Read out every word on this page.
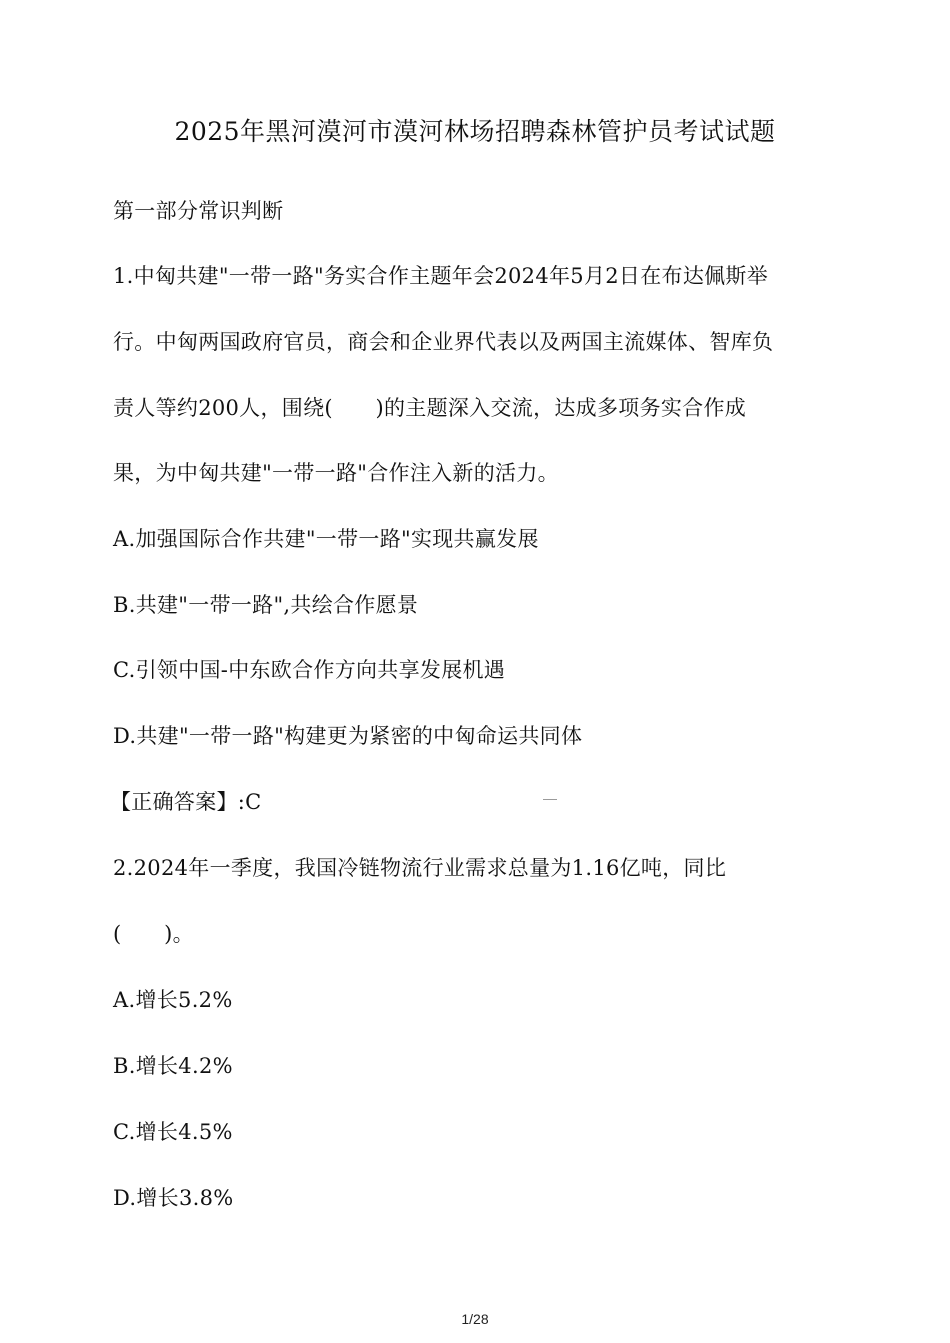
2025年黑河漠河市漠河林场招聘森林管护员考试试题
第一部分常识判断
1.中匈共建"一带一路"务实合作主题年会2024年5月2日在布达佩斯举
行。中匈两国政府官员，商会和企业界代表以及两国主流媒体、智库负
责人等约200人，围绕(　　)的主题深入交流，达成多项务实合作成
果，为中匈共建"一带一路"合作注入新的活力。
A.加强国际合作共建"一带一路"实现共赢发展
B.共建"一带一路",共绘合作愿景
C.引领中国-中东欧合作方向共享发展机遇
D.共建"一带一路"构建更为紧密的中匈命运共同体
【正确答案】:C
2.2024年一季度，我国冷链物流行业需求总量为1.16亿吨，同比
(　　)。
A.增长5.2%
B.增长4.2%
C.增长4.5%
D.增长3.8%
1/28
